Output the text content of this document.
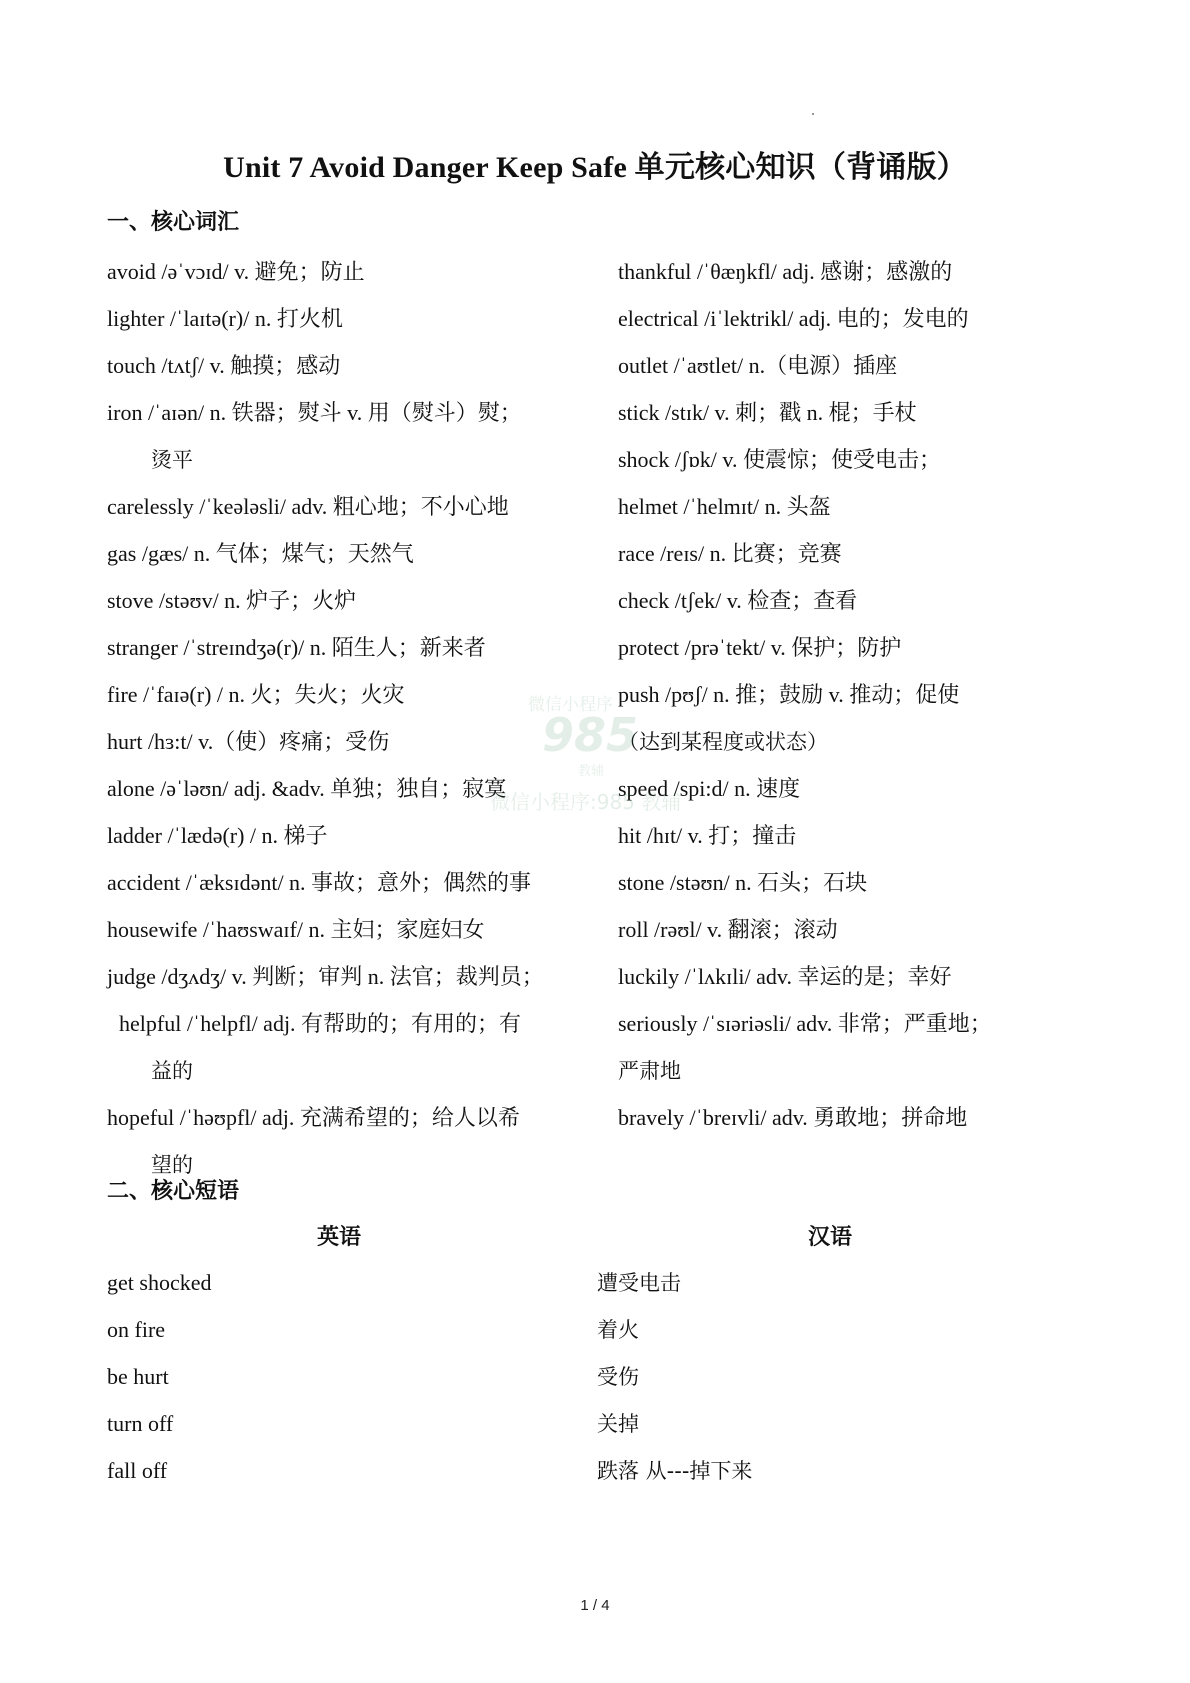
Unit 7 Avoid Danger Keep Safe 单元核心知识（背诵版）
一、核心词汇
avoid /əˈvɔɪd/ v. 避免；防止
lighter /ˈlaɪtə(r)/ n. 打火机
touch /tʌtʃ/ v. 触摸；感动
iron /ˈaɪən/ n. 铁器；熨斗 v. 用（熨斗）熨；
烫平
carelessly /ˈkeələsli/ adv. 粗心地；不小心地
gas /gæs/ n. 气体；煤气；天然气
stove /stəʊv/ n. 炉子；火炉
stranger /ˈstreɪndʒə(r)/ n. 陌生人；新来者
fire /ˈfaɪə(r) / n. 火；失火；火灾
hurt /hɜ:t/ v.（使）疼痛；受伤
alone /əˈləʊn/ adj. &adv. 单独；独自；寂寞
ladder /ˈlædə(r) / n. 梯子
accident /ˈæksɪdənt/ n. 事故；意外；偶然的事
housewife /ˈhaʊswaɪf/ n. 主妇；家庭妇女
judge /dʒʌdʒ/ v. 判断；审判 n. 法官；裁判员；
helpful /ˈhelpfl/ adj. 有帮助的；有用的；有
益的
hopeful /ˈhəʊpfl/ adj. 充满希望的；给人以希
望的
thankful /ˈθæŋkfl/ adj. 感谢；感激的
electrical /iˈlektrikl/ adj. 电的；发电的
outlet /ˈaʊtlet/ n.（电源）插座
stick /stɪk/ v. 刺；戳 n. 棍；手杖
shock /ʃɒk/ v. 使震惊；使受电击；
helmet /ˈhelmɪt/ n. 头盔
race /reɪs/ n. 比赛；竞赛
check /tʃek/ v. 检查；查看
protect /prəˈtekt/ v. 保护；防护
push /pʊʃ/ n. 推；鼓励 v. 推动；促使
（达到某程度或状态）
speed /spi:d/ n. 速度
hit /hɪt/ v. 打；撞击
stone /stəʊn/ n. 石头；石块
roll /rəʊl/ v. 翻滚；滚动
luckily /ˈlʌkɪli/ adv. 幸运的是；幸好
seriously /ˈsɪəriəsli/ adv. 非常；严重地；
严肃地
bravely /ˈbreɪvli/ adv. 勇敢地；拼命地
微信小程序
985
教辅
微信小程序:985 教辅
二、核心短语
英语	汉语
get shocked
on fire
be hurt
turn off
fall off
遭受电击
着火
受伤
关掉
跌落 从---掉下来
1 / 4
